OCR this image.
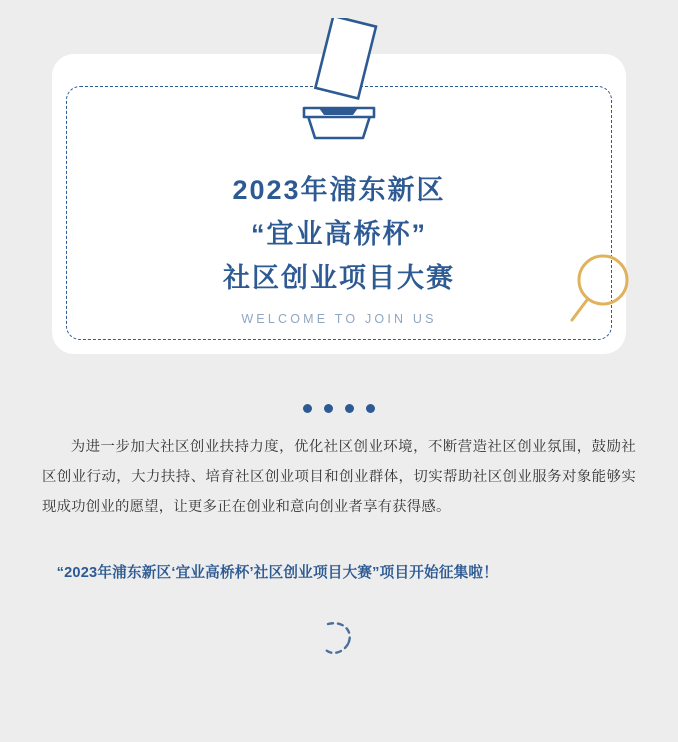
2023年浦东新区
“宜业高桥杯”
社区创业项目大赛
WELCOME TO JOIN US
为进一步加大社区创业扶持力度，优化社区创业环境，不断营造社区创业氛围，鼓励社区创业行动，大力扶持、培育社区创业项目和创业群体，切实帮助社区创业服务对象能够实现成功创业的愿望，让更多正在创业和意向创业者享有获得感。
“2023年浦东新区‘宜业高桥杯’社区创业项目大赛”项目开始征集啦！
